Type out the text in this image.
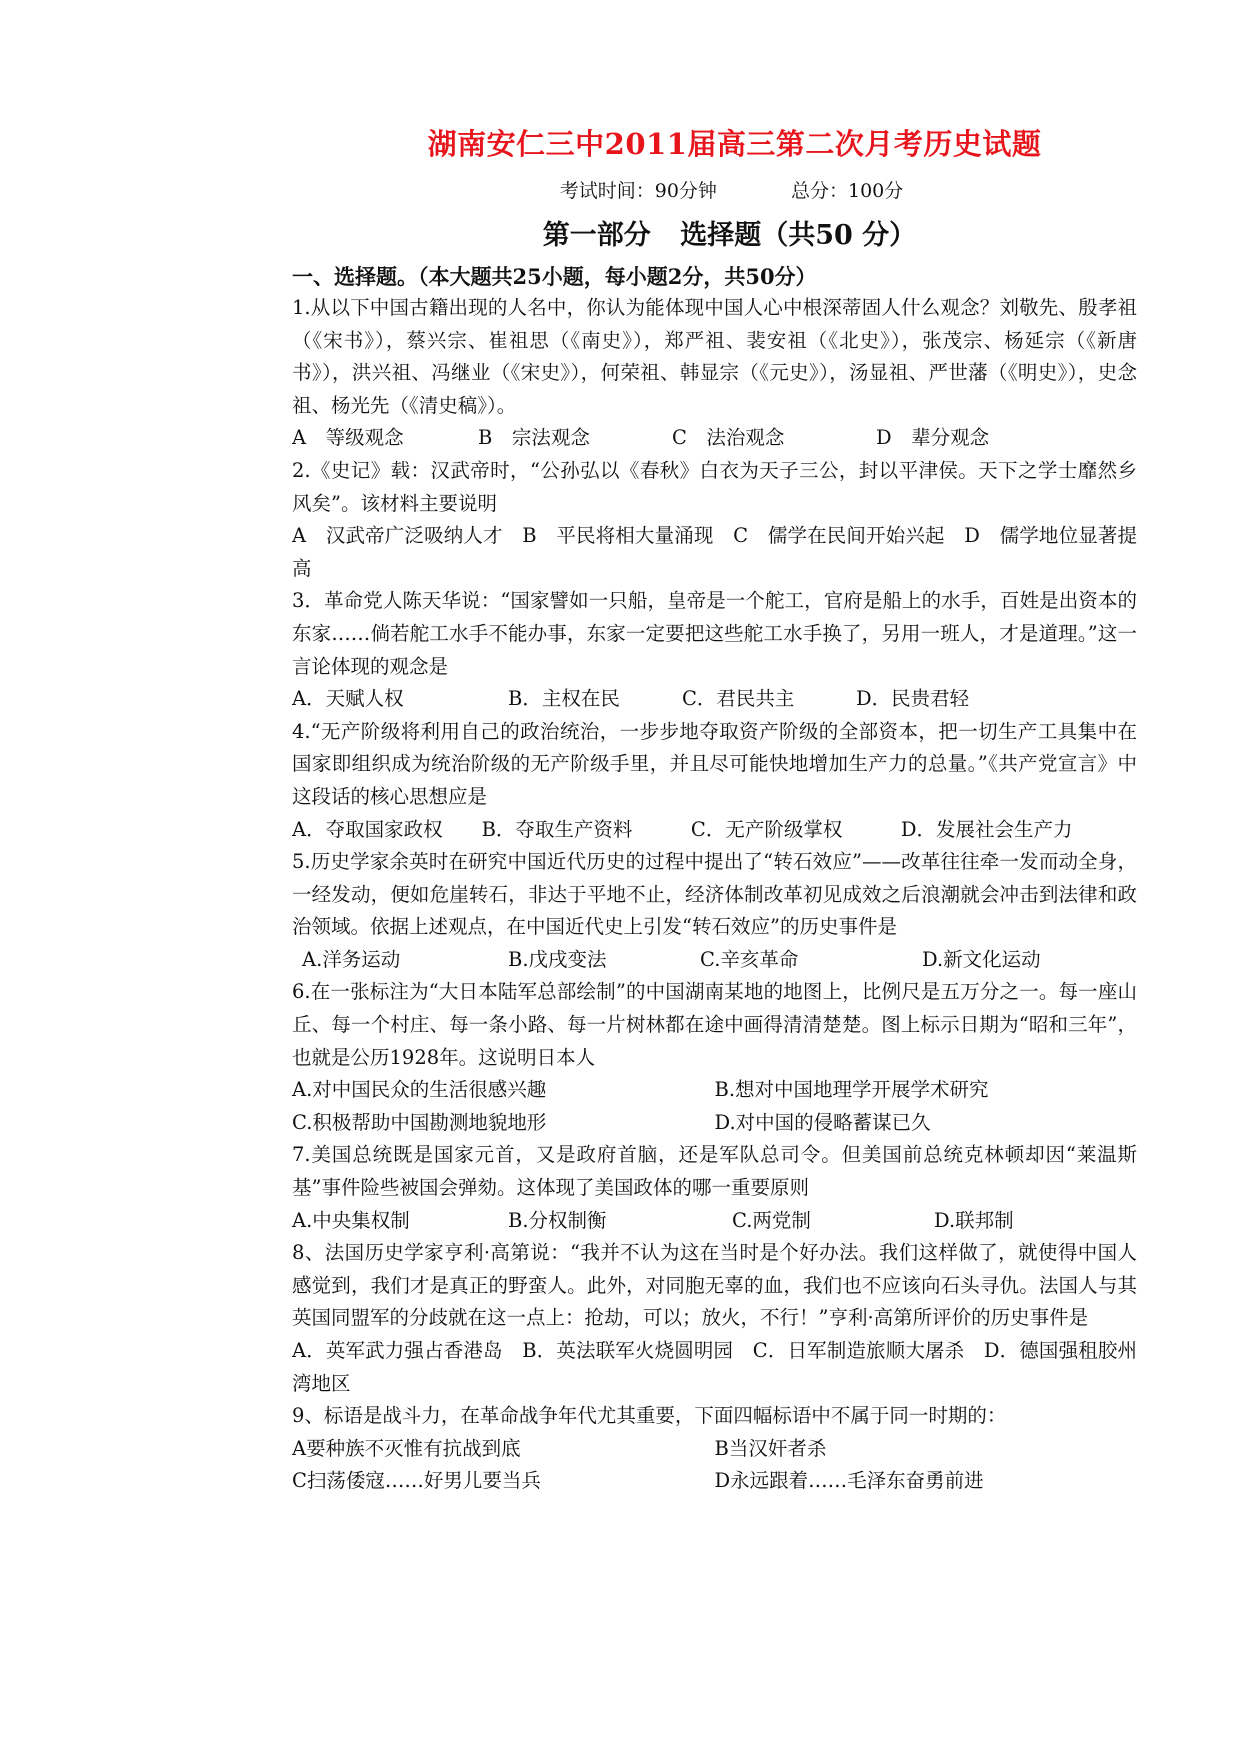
湖南安仁三中2011届高三第二次月考历史试题
考试时间：90分钟	总分：100分
第一部分 选择题（共50 分）
一、选择题。（本大题共25小题，每小题2分，共50分）
1.从以下中国古籍出现的人名中，你认为能体现中国人心中根深蒂固人什么观念？刘敬先、殷孝祖（《宋书》），蔡兴宗、崔祖思（《南史》），郑严祖、裴安祖（《北史》），张茂宗、杨延宗（《新唐书》），洪兴祖、冯继业（《宋史》），何荣祖、韩显宗（《元史》），汤显祖、严世藩（《明史》），史念祖、杨光先（《清史稿》）。
A　等级观念	B　宗法观念	C　法治观念	D　辈分观念
2.《史记》载：汉武帝时，“公孙弘以《春秋》白衣为天子三公，封以平津侯。天下之学士靡然乡风矣”。该材料主要说明
A　汉武帝广泛吸纳人才　B　平民将相大量涌现　C　儒学在民间开始兴起　D　儒学地位显著提高
3．革命党人陈天华说：“国家譬如一只船，皇帝是一个舵工，官府是船上的水手，百姓是出资本的东家……倘若舵工水手不能办事，东家一定要把这些舵工水手换了，另用一班人，才是道理。”这一言论体现的观念是
A．天赋人权	B．主权在民	C．君民共主	D．民贵君轻
4.“无产阶级将利用自己的政治统治，一步步地夺取资产阶级的全部资本，把一切生产工具集中在国家即组织成为统治阶级的无产阶级手里，并且尽可能快地增加生产力的总量。”《共产党宣言》中这段话的核心思想应是
A．夺取国家政权　　B．夺取生产资料　　　C．无产阶级掌权　　　D．发展社会生产力
5.历史学家余英时在研究中国近代历史的过程中提出了“转石效应”——改革往往牵一发而动全身，一经发动，便如危崖转石，非达于平地不止，经济体制改革初见成效之后浪潮就会冲击到法律和政治领域。依据上述观点，在中国近代史上引发“转石效应”的历史事件是
A.洋务运动	B.戊戌变法	C.辛亥革命	D.新文化运动
6.在一张标注为“大日本陆军总部绘制”的中国湖南某地的地图上，比例尺是五万分之一。每一座山丘、每一个村庄、每一条小路、每一片树林都在途中画得清清楚楚。图上标示日期为“昭和三年”，也就是公历1928年。这说明日本人
A.对中国民众的生活很感兴趣	B.想对中国地理学开展学术研究
C.积极帮助中国勘测地貌地形	D.对中国的侵略蓄谋已久
7.美国总统既是国家元首，又是政府首脑，还是军队总司令。但美国前总统克林顿却因“莱温斯基”事件险些被国会弹劾。这体现了美国政体的哪一重要原则
A.中央集权制	B.分权制衡	C.两党制	D.联邦制
8、法国历史学家亨利·高第说：“我并不认为这在当时是个好办法。我们这样做了，就使得中国人感觉到，我们才是真正的野蛮人。此外，对同胞无辜的血，我们也不应该向石头寻仇。法国人与其英国同盟军的分歧就在这一点上：抢劫，可以；放火，不行！”亨利·高第所评价的历史事件是
A．英军武力强占香港岛　B．英法联军火烧圆明园　C．日军制造旅顺大屠杀　D．德国强租胶州湾地区
9、标语是战斗力，在革命战争年代尤其重要，下面四幅标语中不属于同一时期的：
A要种族不灭惟有抗战到底	B当汉奸者杀
C扫荡倭寇……好男儿要当兵	D永远跟着……毛泽东奋勇前进
